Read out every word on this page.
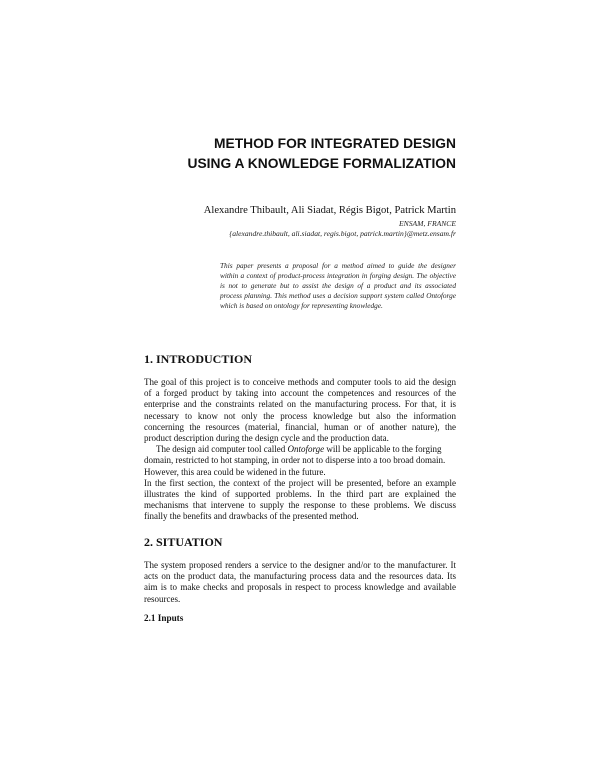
METHOD FOR INTEGRATED DESIGN
USING A KNOWLEDGE FORMALIZATION
Alexandre Thibault, Ali Siadat, Régis Bigot, Patrick Martin
ENSAM, FRANCE
{alexandre.thibault, ali.siadat, regis.bigot, patrick.martin}@metz.ensam.fr
This paper presents a proposal for a method aimed to guide the designer
within a context of product-process integration in forging design. The objective
is not to generate but to assist the design of a product and its associated
process planning. This method uses a decision support system called Ontoforge
which is based on ontology for representing knowledge.
1. INTRODUCTION
The goal of this project is to conceive methods and computer tools to aid the design
of a forged product by taking into account the competences and resources of the
enterprise and the constraints related on the manufacturing process. For that, it is
necessary to know not only the process knowledge but also the information
concerning the resources (material, financial, human or of another nature), the
product description during the design cycle and the production data.
The design aid computer tool called Ontoforge will be applicable to the forging
domain, restricted to hot stamping, in order not to disperse into a too broad domain.
However, this area could be widened in the future.
In the first section, the context of the project will be presented, before an example
illustrates the kind of supported problems. In the third part are explained the
mechanisms that intervene to supply the response to these problems. We discuss
finally the benefits and drawbacks of the presented method.
2. SITUATION
The system proposed renders a service to the designer and/or to the manufacturer. It
acts on the product data, the manufacturing process data and the resources data. Its
aim is to make checks and proposals in respect to process knowledge and available
resources.
2.1 Inputs
